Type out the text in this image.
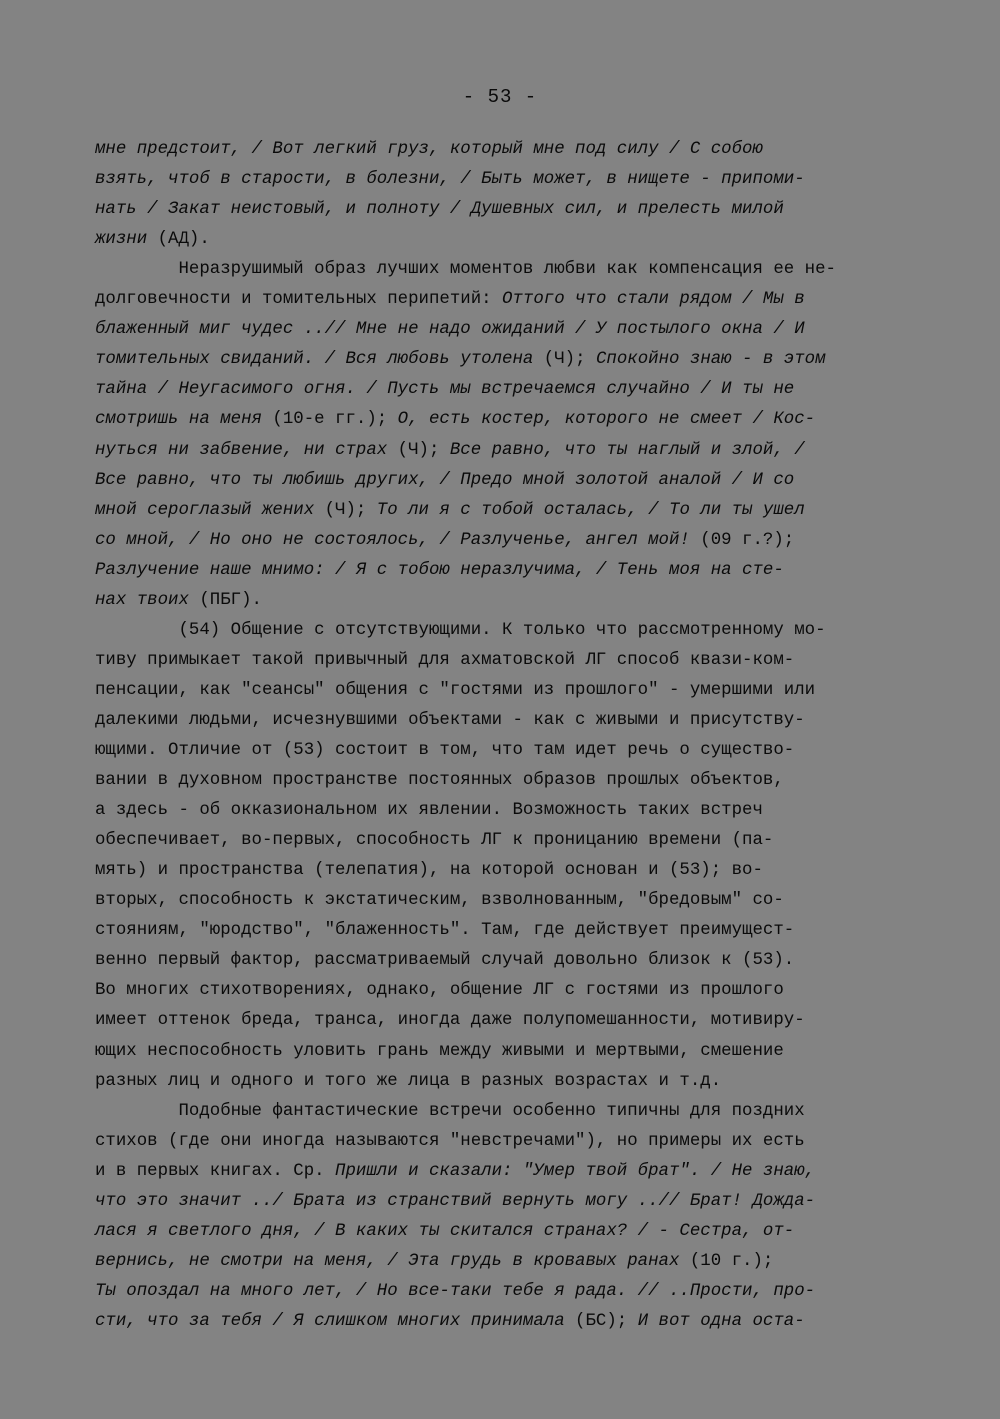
- 53 -
мне предстоит, / Вот легкий груз, который мне под силу / С собою
взять, чтоб в старости, в болезни, / Быть может, в нищете - припоми-
нать / Закат неистовый, и полноту / Душевных сил, и прелесть милой
жизни (АД).
Неразрушимый образ лучших моментов любви как компенсация ее не-
долговечности и томительных перипетий: Оттого что стали рядом / Мы в
блаженный миг чудес ..// Мне не надо ожиданий / У постылого окна / И
томительных свиданий. / Вся любовь утолена (Ч); Спокойно знаю - в этом
тайна / Неугасимого огня. / Пусть мы встречаемся случайно / И ты не
смотришь на меня (10-е гг.); О, есть костер, которого не смеет / Кос-
нуться ни забвение, ни страх (Ч); Все равно, что ты наглый и злой, /
Все равно, что ты любишь других, / Предо мной золотой аналой / И со
мной сероглазый жених (Ч); То ли я с тобой осталась, / То ли ты ушел
со мной, / Но оно не состоялось, / Разлученье, ангел мой! (09 г.?);
Разлучение наше мнимо: / Я с тобою неразлучима, / Тень моя на сте-
нах твоих (ПБГ).
(54) Общение с отсутствующими. К только что рассмотренному мо-
тиву примыкает такой привычный для ахматовской ЛГ способ квази-ком-
пенсации, как "сеансы" общения с "гостями из прошлого" - умершими или
далекими людьми, исчезнувшими объектами - как с живыми и присутству-
ющими. Отличие от (53) состоит в том, что там идет речь о существо-
вании в духовном пространстве постоянных образов прошлых объектов,
а здесь - об окказиональном их явлении. Возможность таких встреч
обеспечивает, во-первых, способность ЛГ к проницанию времени (па-
мять) и пространства (телепатия), на которой основан и (53); во-
вторых, способность к экстатическим, взволнованным, "бредовым" со-
стояниям, "юродство", "блаженность". Там, где действует преимущест-
венно первый фактор, рассматриваемый случай довольно близок к (53).
Во многих стихотворениях, однако, общение ЛГ с гостями из прошлого
имеет оттенок бреда, транса, иногда даже полупомешанности, мотивиру-
ющих неспособность уловить грань между живыми и мертвыми, смешение
разных лиц и одного и того же лица в разных возрастах и т.д.
Подобные фантастические встречи особенно типичны для поздних
стихов (где они иногда называются "невстречами"), но примеры их есть
и в первых книгах. Ср. Пришли и сказали: "Умер твой брат". / Не знаю,
что это значит ../ Брата из странствий вернуть могу ..// Брат! Дожда-
лася я светлого дня, / В каких ты скитался странах? / - Сестра, от-
вернись, не смотри на меня, / Эта грудь в кровавых ранах (10 г.);
Ты опоздал на много лет, / Но все-таки тебе я рада. // ..Прости, про-
сти, что за тебя / Я слишком многих принимала (БС); И вот одна оста-
